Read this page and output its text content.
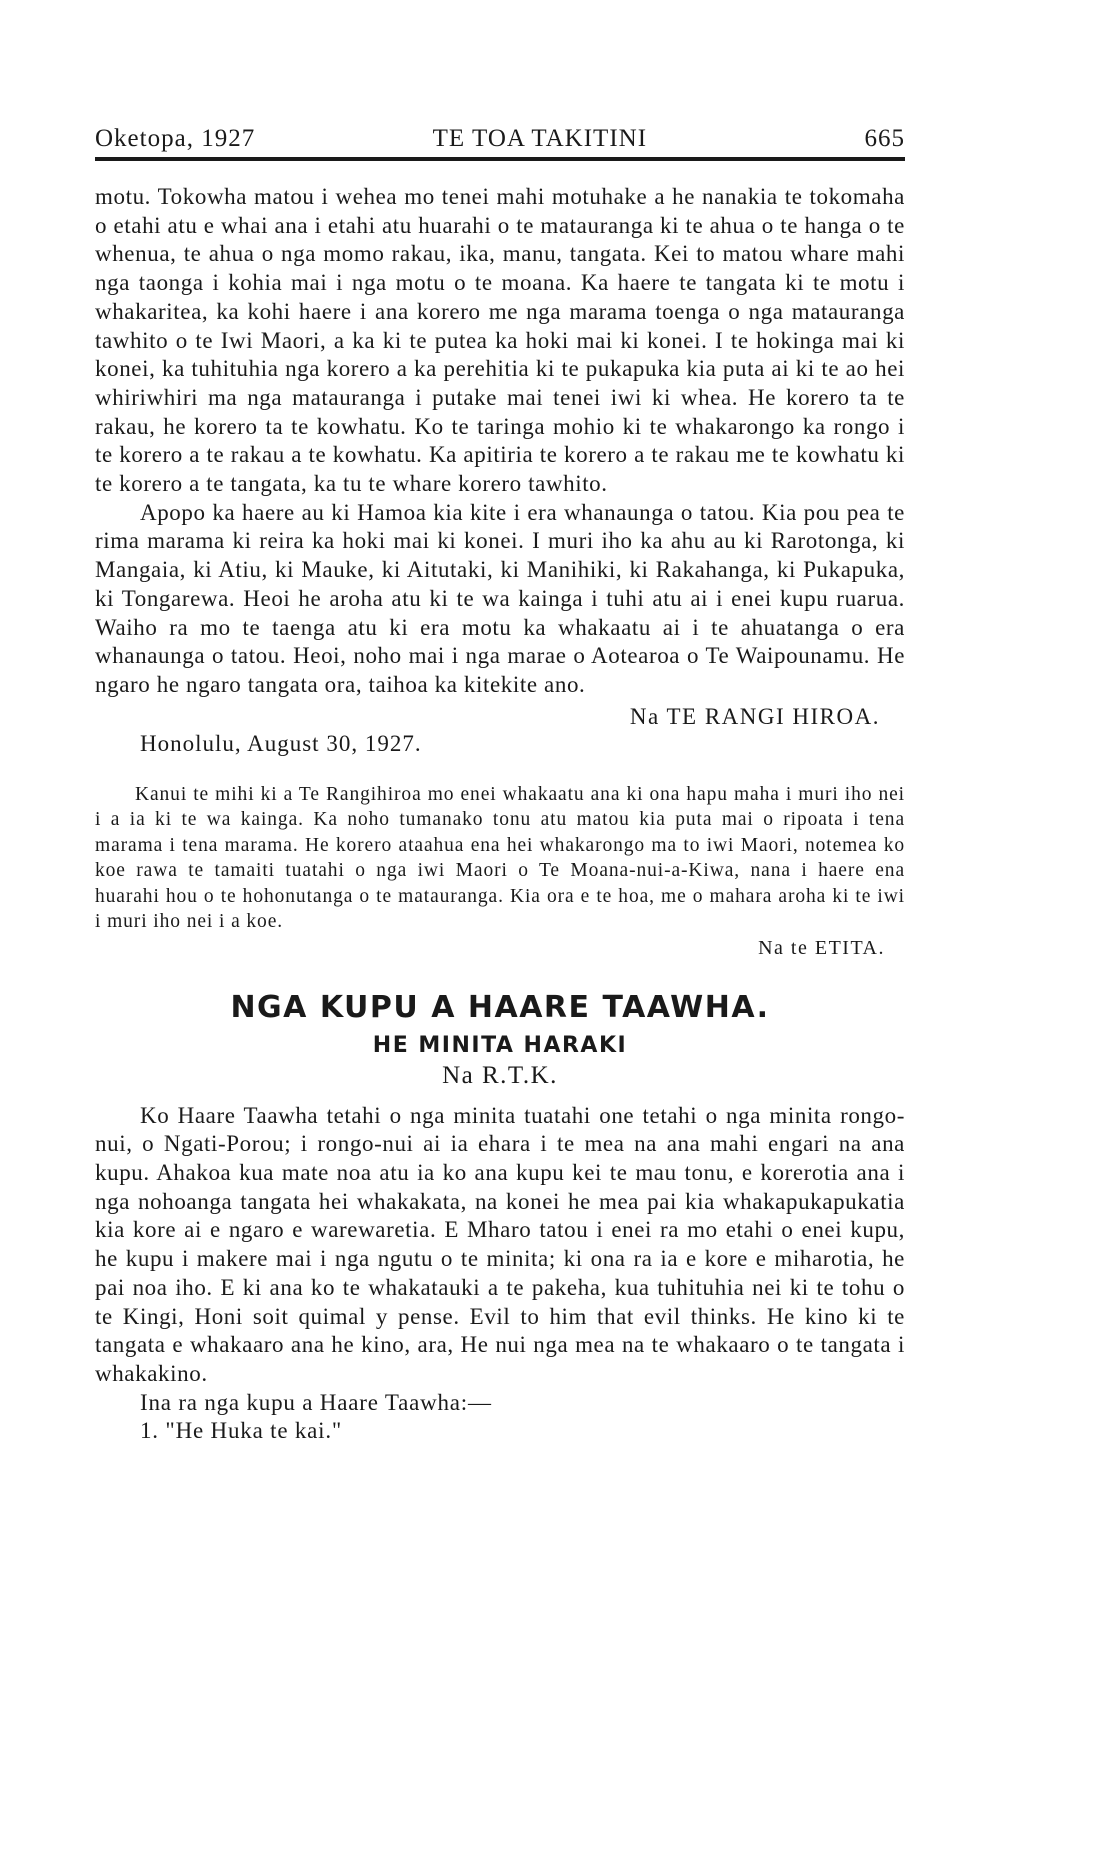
Oketopa, 1927	TE TOA TAKITINI	665

motu. Tokowha matou i wehea mo tenei mahi motuhake a he nanakia te tokomaha o etahi atu e whai ana i etahi atu huarahi o te matauranga ki te ahua o te hanga o te whenua, te ahua o nga momo rakau, ika, manu, tangata. Kei to matou whare mahi nga taonga i kohia mai i nga motu o te moana. Ka haere te tangata ki te motu i whakaritea, ka kohi haere i ana korero me nga marama toenga o nga matauranga tawhito o te Iwi Maori, a ka ki te putea ka hoki mai ki konei. I te hokinga mai ki konei, ka tuhituhia nga korero a ka perehitia ki te pukapuka kia puta ai ki te ao hei whiriwhiri ma nga matauranga i putake mai tenei iwi ki whea. He korero ta te rakau, he korero ta te kowhatu. Ko te taringa mohio ki te whakarongo ka rongo i te korero a te rakau a te kowhatu. Ka apitiria te korero a te rakau me te kowhatu ki te korero a te tangata, ka tu te whare korero tawhito.

Apopo ka haere au ki Hamoa kia kite i era whanaunga o tatou. Kia pou pea te rima marama ki reira ka hoki mai ki konei. I muri iho ka ahu au ki Rarotonga, ki Mangaia, ki Atiu, ki Mauke, ki Aitutaki, ki Manihiki, ki Rakahanga, ki Pukapuka, ki Tongarewa. Heoi he aroha atu ki te wa kainga i tuhi atu ai i enei kupu ruarua. Waiho ra mo te taenga atu ki era motu ka whakaatu ai i te ahuatanga o era whanaunga o tatou. Heoi, noho mai i nga marae o Aotearoa o Te Waipounamu. He ngaro he ngaro tangata ora, taihoa ka kitekite ano.

Na TE RANGI HIROA.
Honolulu, August 30, 1927.

Kanui te mihi ki a Te Rangihiroa mo enei whakaatu ana ki ona hapu maha i muri iho nei i a ia ki te wa kainga. Ka noho tumanako tonu atu matou kia puta mai o ripoata i tena marama i tena marama. He korero ataahua ena hei whakarongo ma to iwi Maori, notemea ko koe rawa te tamaiti tuatahi o nga iwi Maori o Te Moana-nui-a-Kiwa, nana i haere ena huarahi hou o te hohonutanga o te matauranga. Kia ora e te hoa, me o mahara aroha ki te iwi i muri iho nei i a koe.

Na te ETITA.
NGA KUPU A HAARE TAAWHA.
HE MINITA HARAKI
Na R.T.K.

Ko Haare Taawha tetahi o nga minita tuatahi one tetahi o nga minita rongo-nui, o Ngati-Porou; i rongo-nui ai ia ehara i te mea na ana mahi engari na ana kupu. Ahakoa kua mate noa atu ia ko ana kupu kei te mau tonu, e korerotia ana i nga nohoanga tangata hei whakakata, na konei he mea pai kia whakapukapukatia kia kore ai e ngaro e warewaretia. E Mharo tatou i enei ra mo etahi o enei kupu, he kupu i makere mai i nga ngutu o te minita; ki ona ra ia e kore e miharotia, he pai noa iho. E ki ana ko te whakatauki a te pakeha, kua tuhituhia nei ki te tohu o te Kingi, Honi soit quimal y pense. Evil to him that evil thinks. He kino ki te tangata e whakaaro ana he kino, ara, He nui nga mea na te whakaaro o te tangata i whakakino.

Ina ra nga kupu a Haare Taawha:—
1. "He Huka te kai."
